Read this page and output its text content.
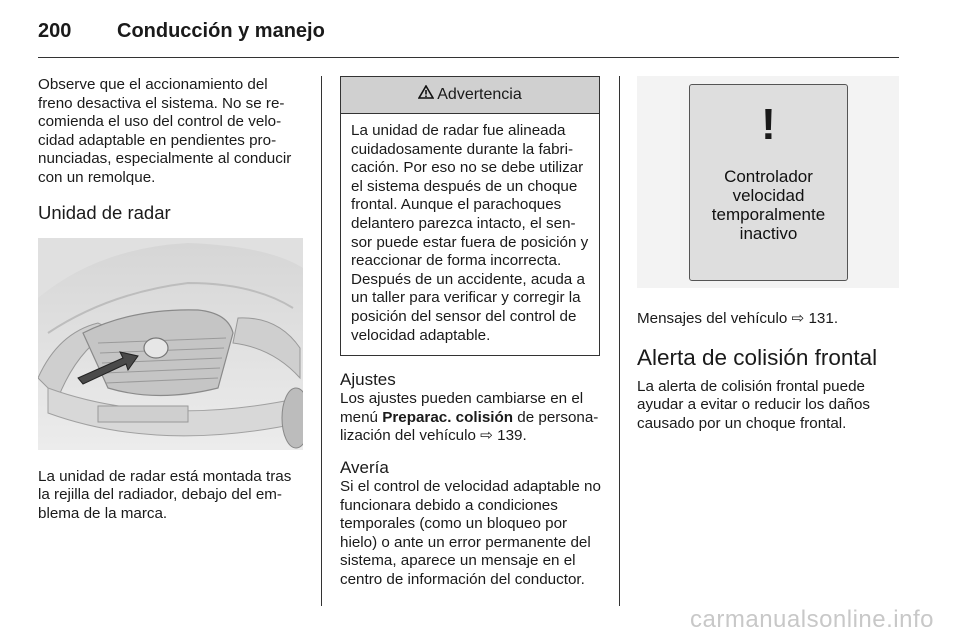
200 Conducción y manejo

Observe que el accionamiento del freno desactiva el sistema. No se re-comienda el uso del control de velo-cidad adaptable en pendientes pro-nunciadas, especialmente al conducir con un remolque.

Unidad de radar

La unidad de radar está montada tras la rejilla del radiador, debajo del em-blema de la marca.

Advertencia
La unidad de radar fue alineada cuidadosamente durante la fabri-cación. Por eso no se debe utilizar el sistema después de un choque frontal. Aunque el parachoques delantero parezca intacto, el sen-sor puede estar fuera de posición y reaccionar de forma incorrecta. Después de un accidente, acuda a un taller para verificar y corregir la posición del sensor del control de velocidad adaptable.
Ajustes

Los ajustes pueden cambiarse en el menú Preparac. colisión de persona-lización del vehículo ⇨ 139.

Avería

Si el control de velocidad adaptable no funcionara debido a condiciones temporales (como un bloqueo por hielo) o ante un error permanente del sistema, aparece un mensaje en el centro de información del conductor.

!
Controlador
velocidad
temporalmente
inactivo

Mensajes del vehículo ⇨ 131.

Alerta de colisión frontal

La alerta de colisión frontal puede ayudar a evitar o reducir los daños causado por un choque frontal.

carmanualsonline.info
